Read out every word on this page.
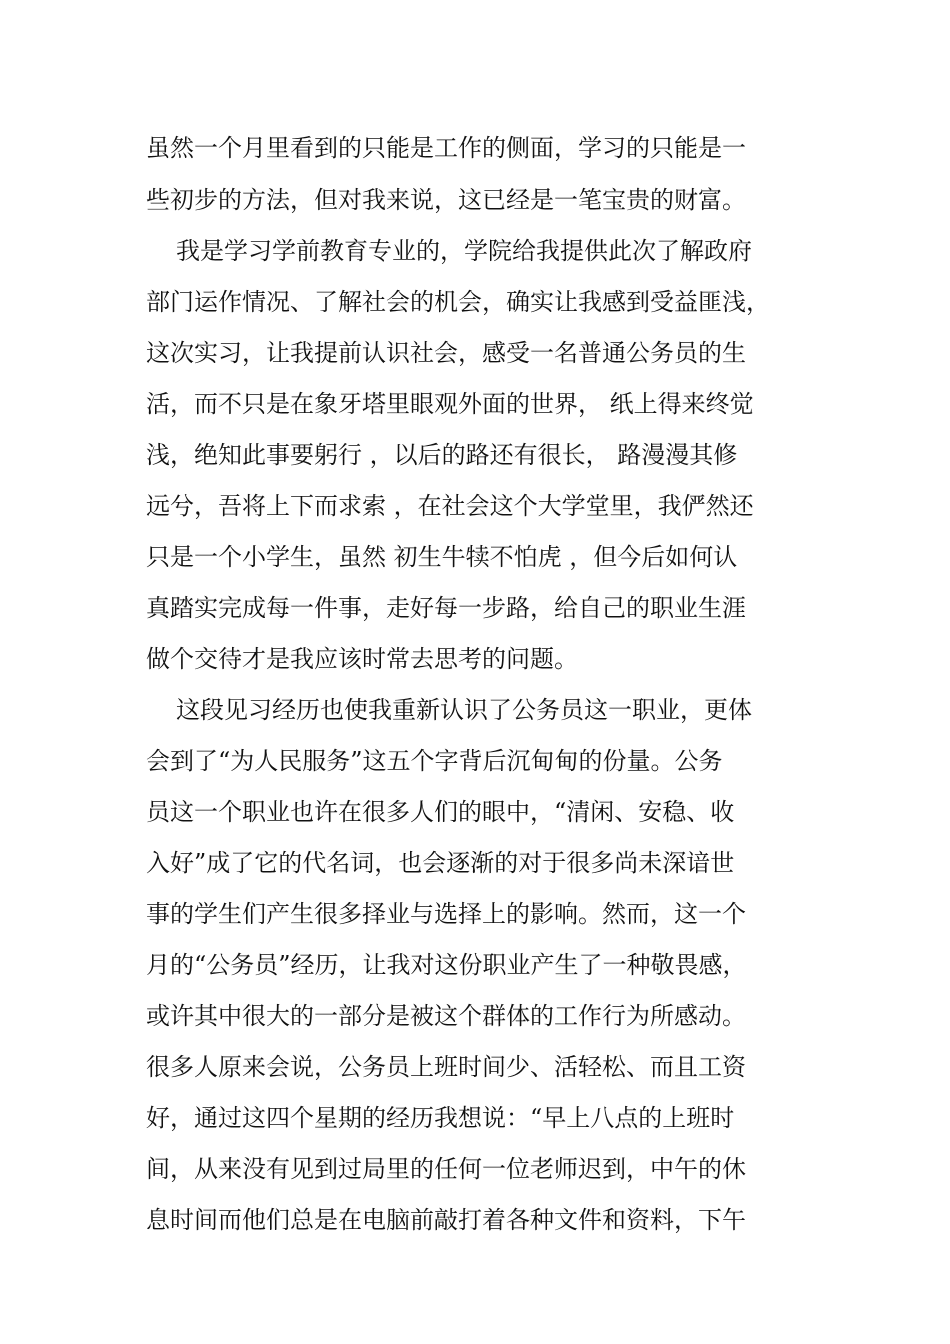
虽然一个月里看到的只能是工作的侧面，学习的只能是一
些初步的方法，但对我来说，这已经是一笔宝贵的财富。
我是学习学前教育专业的，学院给我提供此次了解政府
部门运作情况、了解社会的机会，确实让我感到受益匪浅，
这次实习，让我提前认识社会，感受一名普通公务员的生
活，而不只是在象牙塔里眼观外面的世界， 纸上得来终觉
浅，绝知此事要躬行 ，以后的路还有很长， 路漫漫其修
远兮，吾将上下而求索 ，在社会这个大学堂里，我俨然还
只是一个小学生，虽然 初生牛犊不怕虎 ，但今后如何认
真踏实完成每一件事，走好每一步路，给自己的职业生涯
做个交待才是我应该时常去思考的问题。
这段见习经历也使我重新认识了公务员这一职业，更体
会到了“为人民服务”这五个字背后沉甸甸的份量。公务
员这一个职业也许在很多人们的眼中，“清闲、安稳、收
入好”成了它的代名词，也会逐渐的对于很多尚未深谙世
事的学生们产生很多择业与选择上的影响。然而，这一个
月的“公务员”经历，让我对这份职业产生了一种敬畏感，
或许其中很大的一部分是被这个群体的工作行为所感动。
很多人原来会说，公务员上班时间少、活轻松、而且工资
好，通过这四个星期的经历我想说：“早上八点的上班时
间，从来没有见到过局里的任何一位老师迟到，中午的休
息时间而他们总是在电脑前敲打着各种文件和资料，下午
